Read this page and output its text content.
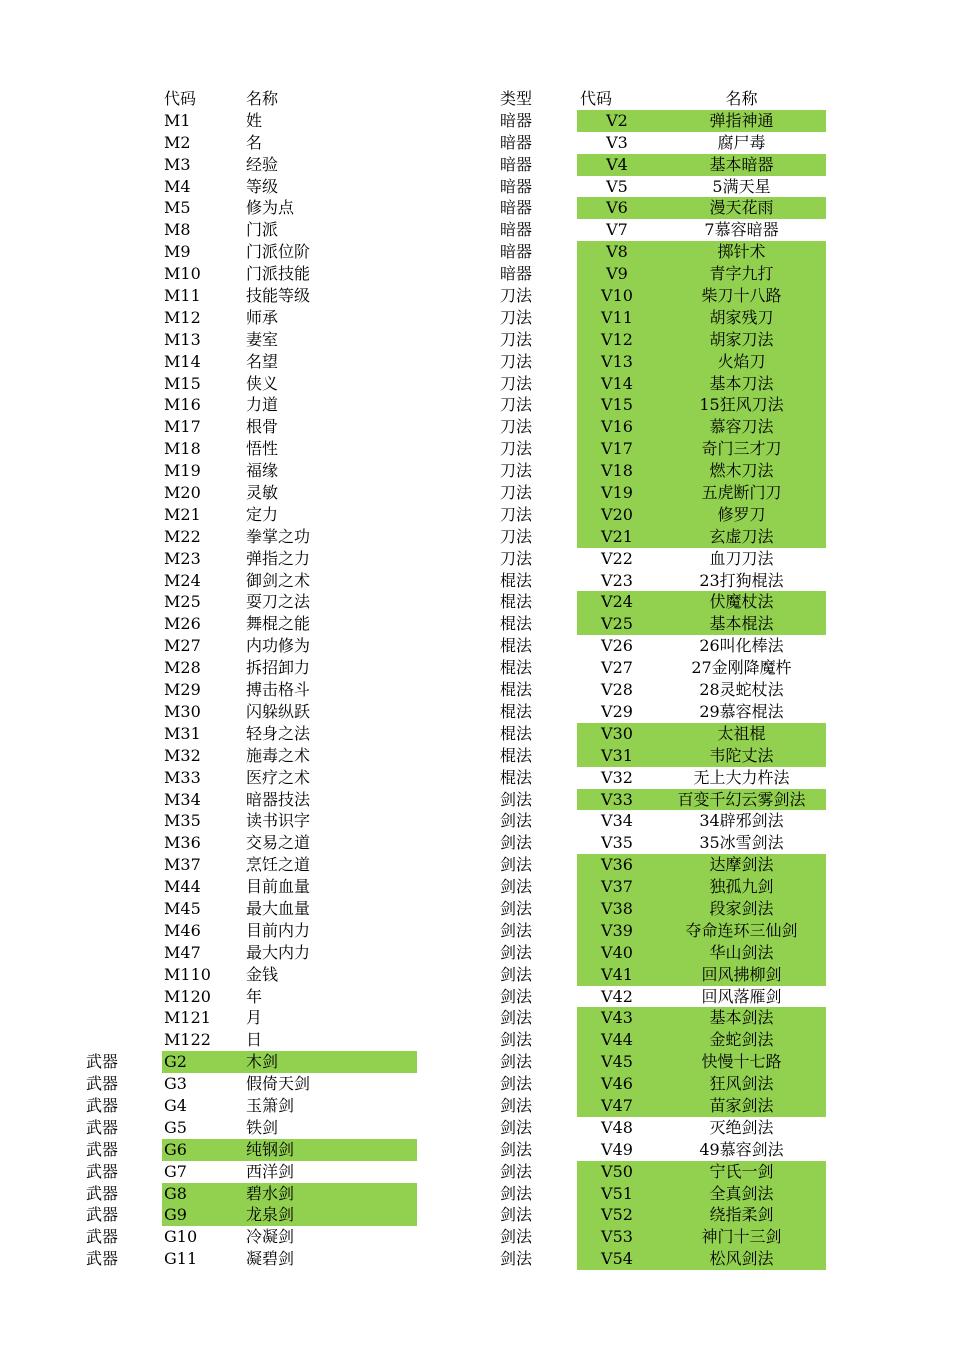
代码	名称
M1	姓
M2	名
M3	经验
M4	等级
M5	修为点
M8	门派
M9	门派位阶
M10	门派技能
M11	技能等级
M12	师承
M13	妻室
M14	名望
M15	侠义
M16	力道
M17	根骨
M18	悟性
M19	福缘
M20	灵敏
M21	定力
M22	拳掌之功
M23	弹指之力
M24	御剑之术
M25	耍刀之法
M26	舞棍之能
M27	内功修为
M28	拆招卸力
M29	搏击格斗
M30	闪躲纵跃
M31	轻身之法
M32	施毒之术
M33	医疗之术
M34	暗器技法
M35	读书识字
M36	交易之道
M37	烹饪之道
M44	目前血量
M45	最大血量
M46	目前内力
M47	最大内力
M110	金钱
M120	年
M121	月
M122	日
武器	G2	木剑
武器	G3	假倚天剑
武器	G4	玉箫剑
武器	G5	铁剑
武器	G6	纯钢剑
武器	G7	西洋剑
武器	G8	碧水剑
武器	G9	龙泉剑
武器	G10	冷凝剑
武器	G11	凝碧剑
类型	代码	名称
暗器	V2	弹指神通
暗器	V3	腐尸毒
暗器	V4	基本暗器
暗器	V5	5满天星
暗器	V6	漫天花雨
暗器	V7	7慕容暗器
暗器	V8	掷针术
暗器	V9	青字九打
刀法	V10	柴刀十八路
刀法	V11	胡家残刀
刀法	V12	胡家刀法
刀法	V13	火焰刀
刀法	V14	基本刀法
刀法	V15	15狂风刀法
刀法	V16	慕容刀法
刀法	V17	奇门三才刀
刀法	V18	燃木刀法
刀法	V19	五虎断门刀
刀法	V20	修罗刀
刀法	V21	玄虚刀法
刀法	V22	血刀刀法
棍法	V23	23打狗棍法
棍法	V24	伏魔杖法
棍法	V25	基本棍法
棍法	V26	26叫化棒法
棍法	V27	27金刚降魔杵
棍法	V28	28灵蛇杖法
棍法	V29	29慕容棍法
棍法	V30	太祖棍
棍法	V31	韦陀丈法
棍法	V32	无上大力杵法
剑法	V33	百变千幻云雾剑法
剑法	V34	34辟邪剑法
剑法	V35	35冰雪剑法
剑法	V36	达摩剑法
剑法	V37	独孤九剑
剑法	V38	段家剑法
剑法	V39	夺命连环三仙剑
剑法	V40	华山剑法
剑法	V41	回风拂柳剑
剑法	V42	回风落雁剑
剑法	V43	基本剑法
剑法	V44	金蛇剑法
剑法	V45	快慢十七路
剑法	V46	狂风剑法
剑法	V47	苗家剑法
剑法	V48	灭绝剑法
剑法	V49	49慕容剑法
剑法	V50	宁氏一剑
剑法	V51	全真剑法
剑法	V52	绕指柔剑
剑法	V53	神门十三剑
剑法	V54	松风剑法
